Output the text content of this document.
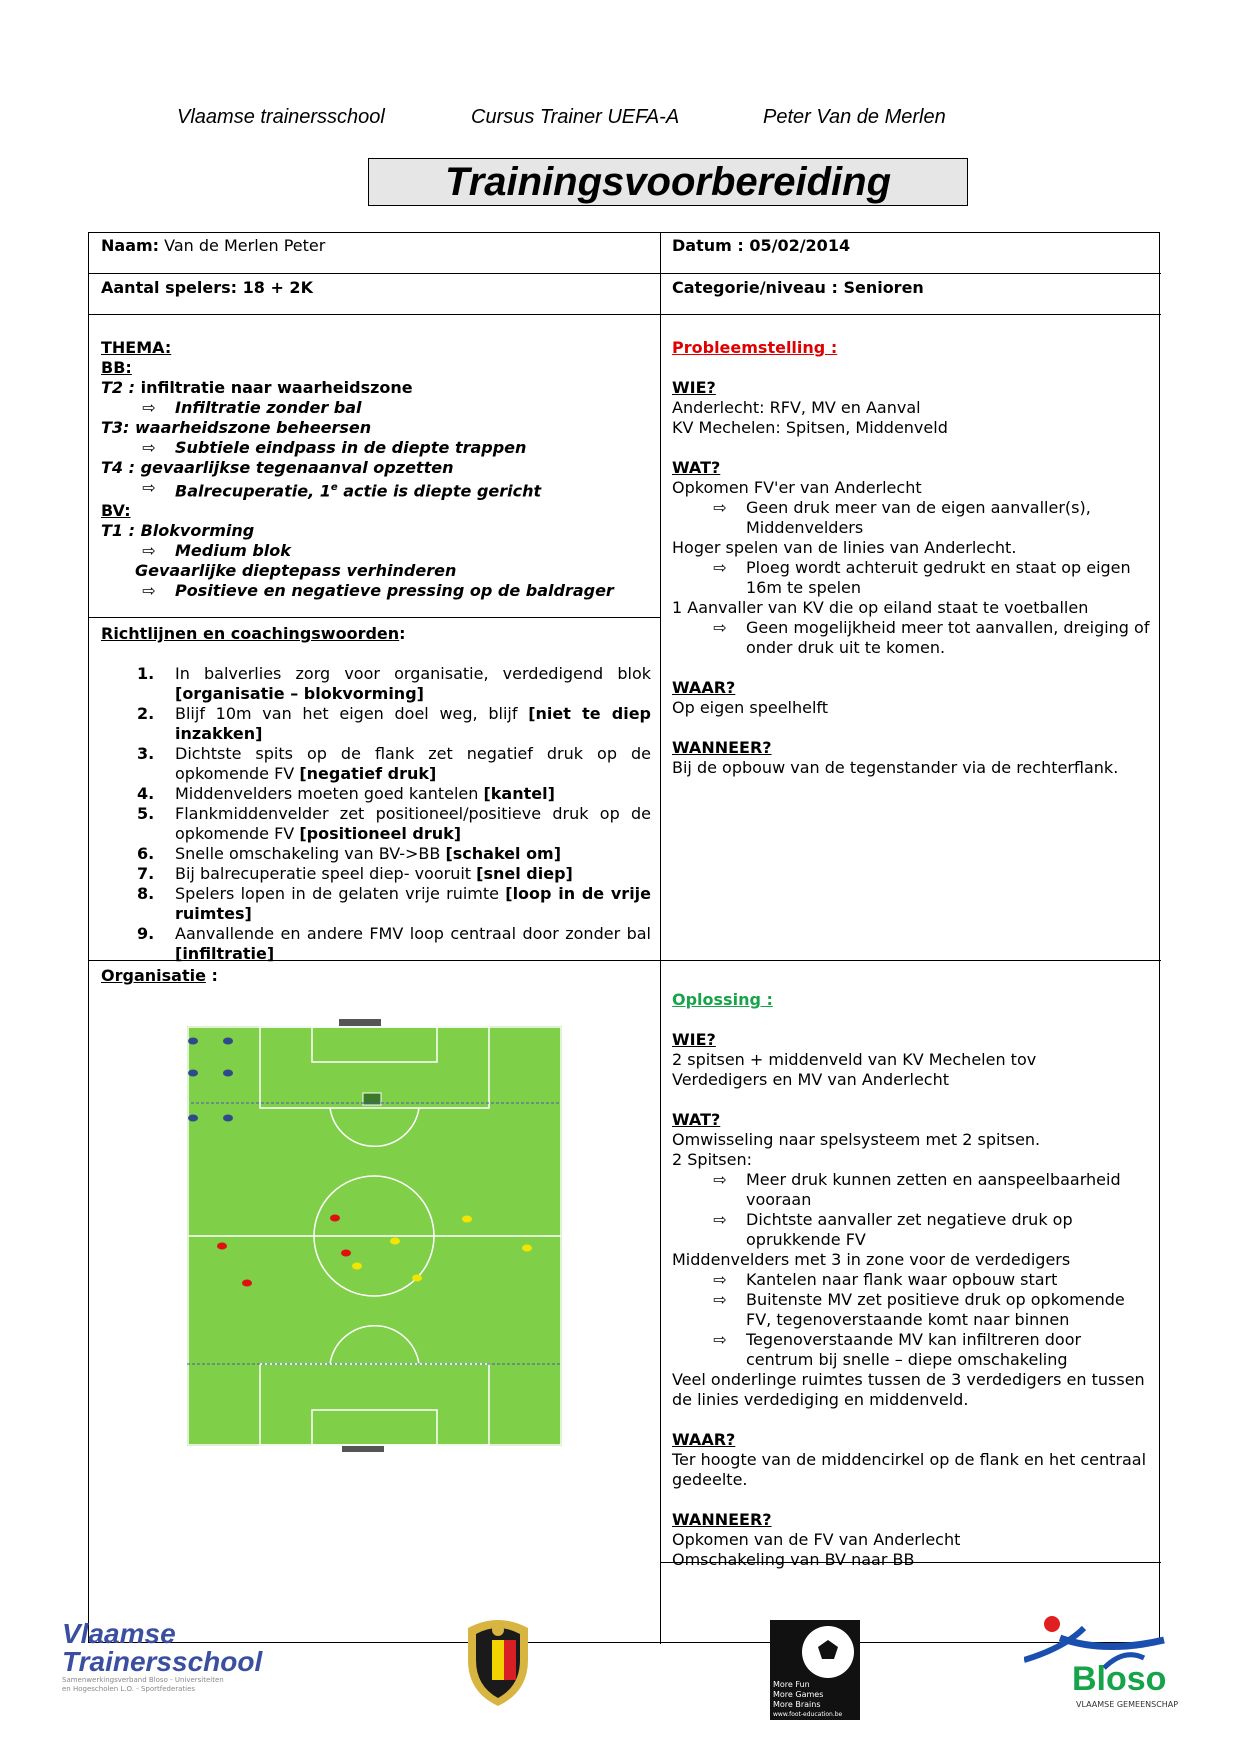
Vlaamse trainersschool	Cursus Trainer UEFA-A	Peter Van de Merlen
Trainingsvoorbereiding
Naam: Van de Merlen Peter	Datum : 05/02/2014
Aantal spelers: 18 + 2K	Categorie/niveau : Senioren
THEMA:
BB:
T2 : infiltratie naar waarheidszone
⇨	Infiltratie zonder bal
T3: waarheidszone beheersen
⇨	Subtiele eindpass in de diepte trappen
T4 : gevaarlijkse tegenaanval opzetten
⇨	Balrecuperatie, 1e actie is diepte gericht
BV:
T1 : Blokvorming
⇨	Medium blok
Gevaarlijke dieptepass verhinderen
⇨	Positieve en negatieve pressing op de baldrager
Richtlijnen en coachingswoorden:
1. In balverlies zorg voor organisatie, verdedigend blok [organisatie – blokvorming]
2. Blijf 10m van het eigen doel weg, blijf [niet te diep inzakken]
3. Dichtste spits op de flank zet negatief druk op de opkomende FV [negatief druk]
4. Middenvelders moeten goed kantelen [kantel]
5. Flankmiddenvelder zet positioneel/positieve druk op de opkomende FV [positioneel druk]
6. Snelle omschakeling van BV->BB [schakel om]
7. Bij balrecuperatie speel diep- vooruit [snel diep]
8. Spelers lopen in de gelaten vrije ruimte [loop in de vrije ruimtes]
9. Aanvallende en andere FMV loop centraal door zonder bal [infiltratie]
Probleemstelling :
WIE?
Anderlecht: RFV, MV en Aanval
KV Mechelen: Spitsen, Middenveld
WAT?
Opkomen FV'er van Anderlecht
⇨	Geen druk meer van de eigen aanvaller(s), Middenvelders
Hoger spelen van de linies van Anderlecht.
⇨	Ploeg wordt achteruit gedrukt en staat op eigen 16m te spelen
1 Aanvaller van KV die op eiland staat te voetballen
⇨	Geen mogelijkheid meer tot aanvallen, dreiging of onder druk uit te komen.
WAAR?
Op eigen speelhelft
WANNEER?
Bij de opbouw van de tegenstander via de rechterflank.
Organisatie :
Oplossing :
WIE?
2 spitsen + middenveld van KV Mechelen tov
Verdedigers en MV van Anderlecht
WAT?
Omwisseling naar spelsysteem met 2 spitsen.
2 Spitsen:
⇨	Meer druk kunnen zetten en aanspeelbaarheid vooraan
⇨	Dichtste aanvaller zet negatieve druk op oprukkende FV
Middenvelders met 3 in zone voor de verdedigers
⇨	Kantelen naar flank waar opbouw start
⇨	Buitenste MV zet positieve druk op opkomende FV, tegenoverstaande komt naar binnen
⇨	Tegenoverstaande MV kan infiltreren door centrum bij snelle – diepe omschakeling
Veel onderlinge ruimtes tussen de 3 verdedigers en tussen de linies verdediging en middenveld.
WAAR?
Ter hoogte van de middencirkel op de flank en het centraal gedeelte.
WANNEER?
Opkomen van de FV van Anderlecht
Omschakeling van BV naar BB
Vlaamse
Trainersschool
Samenwerkingsverband Bloso - Universiteiten
en Hogescholen L.O. - Sportfederaties	More Fun
More Games
More Brains
www.foot-education.be
Bloso
VLAAMSE GEMEENSCHAP
